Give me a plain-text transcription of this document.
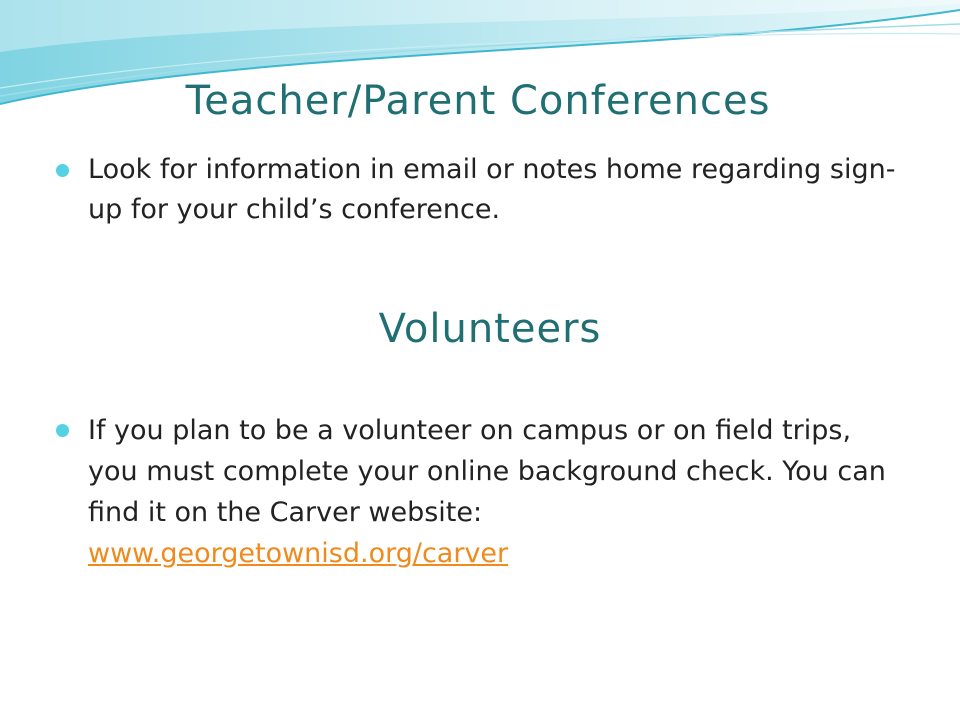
Teacher/Parent Conferences
Look for information in email or notes home regarding sign-up for your child’s conference.
Volunteers
If you plan to be a volunteer on campus or on field trips, you must complete your online background check. You can find it on the Carver website: www.georgetownisd.org/carver
